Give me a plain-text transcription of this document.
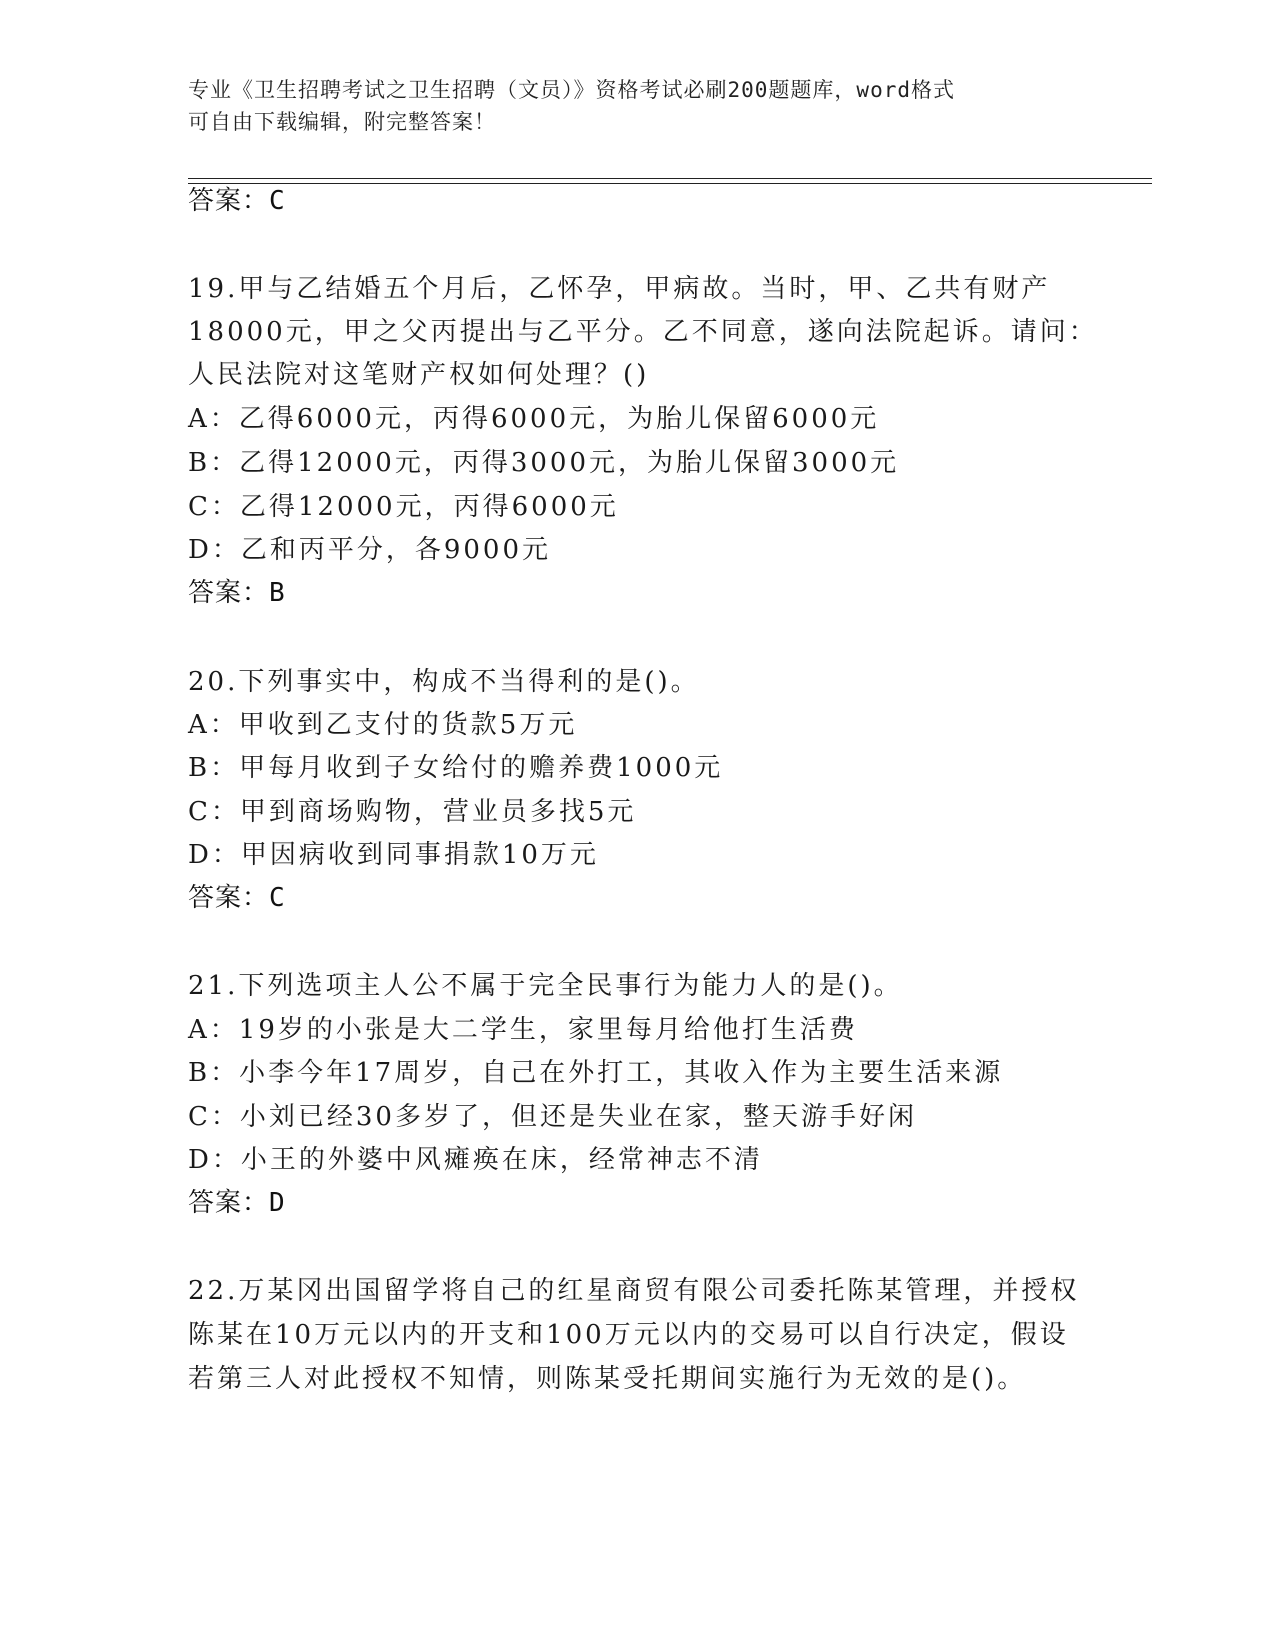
专业《卫生招聘考试之卫生招聘（文员）》资格考试必刷200题题库，word格式
可自由下载编辑，附完整答案！
答案：C
19.甲与乙结婚五个月后，乙怀孕，甲病故。当时，甲、乙共有财产
18000元，甲之父丙提出与乙平分。乙不同意，遂向法院起诉。请问：
人民法院对这笔财产权如何处理？()
A：乙得6000元，丙得6000元，为胎儿保留6000元
B：乙得12000元，丙得3000元，为胎儿保留3000元
C：乙得12000元，丙得6000元
D：乙和丙平分，各9000元
答案：B
20.下列事实中，构成不当得利的是()。
A：甲收到乙支付的货款5万元
B：甲每月收到子女给付的赡养费1000元
C：甲到商场购物，营业员多找5元
D：甲因病收到同事捐款10万元
答案：C
21.下列选项主人公不属于完全民事行为能力人的是()。
A：19岁的小张是大二学生，家里每月给他打生活费
B：小李今年17周岁，自己在外打工，其收入作为主要生活来源
C：小刘已经30多岁了，但还是失业在家，整天游手好闲
D：小王的外婆中风瘫痪在床，经常神志不清
答案：D
22.万某冈出国留学将自己的红星商贸有限公司委托陈某管理，并授权
陈某在10万元以内的开支和100万元以内的交易可以自行决定，假设
若第三人对此授权不知情，则陈某受托期间实施行为无效的是()。
